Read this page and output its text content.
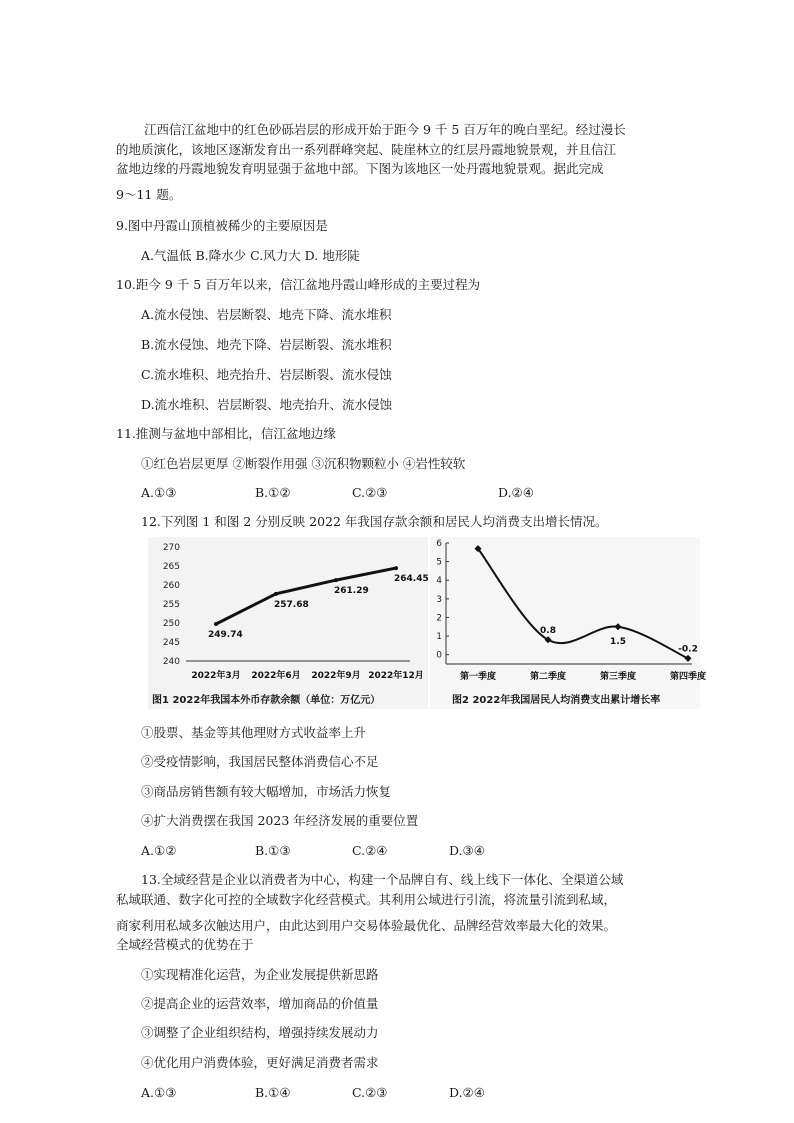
江西信江盆地中的红色砂砾岩层的形成开始于距今 9 千 5 百万年的晚白垩纪。经过漫长
的地质演化，该地区逐渐发育出一系列群峰突起、陡崖林立的红层丹霞地貌景观，并且信江
盆地边缘的丹霞地貌发育明显强于盆地中部。下图为该地区一处丹霞地貌景观。据此完成
9～11 题。
9.图中丹霞山顶植被稀少的主要原因是
A.气温低 B.降水少 C.风力大 D. 地形陡
10.距今 9 千 5 百万年以来，信江盆地丹霞山峰形成的主要过程为
A.流水侵蚀、岩层断裂、地壳下降、流水堆积
B.流水侵蚀、地壳下降、岩层断裂、流水堆积
C.流水堆积、地壳抬升、岩层断裂、流水侵蚀
D.流水堆积、岩层断裂、地壳抬升、流水侵蚀
11.推测与盆地中部相比，信江盆地边缘
①红色岩层更厚 ②断裂作用强 ③沉积物颗粒小 ④岩性较软
A.①③	B.①②	C.②③	D.②④
12.下列图 1 和图 2 分别反映 2022 年我国存款余额和居民人均消费支出增长情况。
240
245
250
255
260
265
270
249.74
2022年3月
257.68
2022年6月
261.29
2022年9月
264.45
2022年12月
图1 2022年我国本外币存款余额（单位：万亿元）
0
1
2
3
4
5
6
第一季度
0.8
第二季度
1.5
第三季度
-0.2
第四季度
图2 2022年我国居民人均消费支出累计增长率
①股票、基金等其他理财方式收益率上升
②受疫情影响，我国居民整体消费信心不足
③商品房销售额有较大幅增加，市场活力恢复
④扩大消费摆在我国 2023 年经济发展的重要位置
A.①②	B.①③	C.②④	D.③④
13.全域经营是企业以消费者为中心，构建一个品牌自有、线上线下一体化、全渠道公域
私域联通、数字化可控的全域数字化经营模式。其利用公域进行引流，将流量引流到私域，
商家利用私域多次触达用户，由此达到用户交易体验最优化、品牌经营效率最大化的效果。
全域经营模式的优势在于
①实现精准化运营，为企业发展提供新思路
②提高企业的运营效率，增加商品的价值量
③调整了企业组织结构，增强持续发展动力
④优化用户消费体验，更好满足消费者需求
A.①③	B.①④	C.②③	D.②④
